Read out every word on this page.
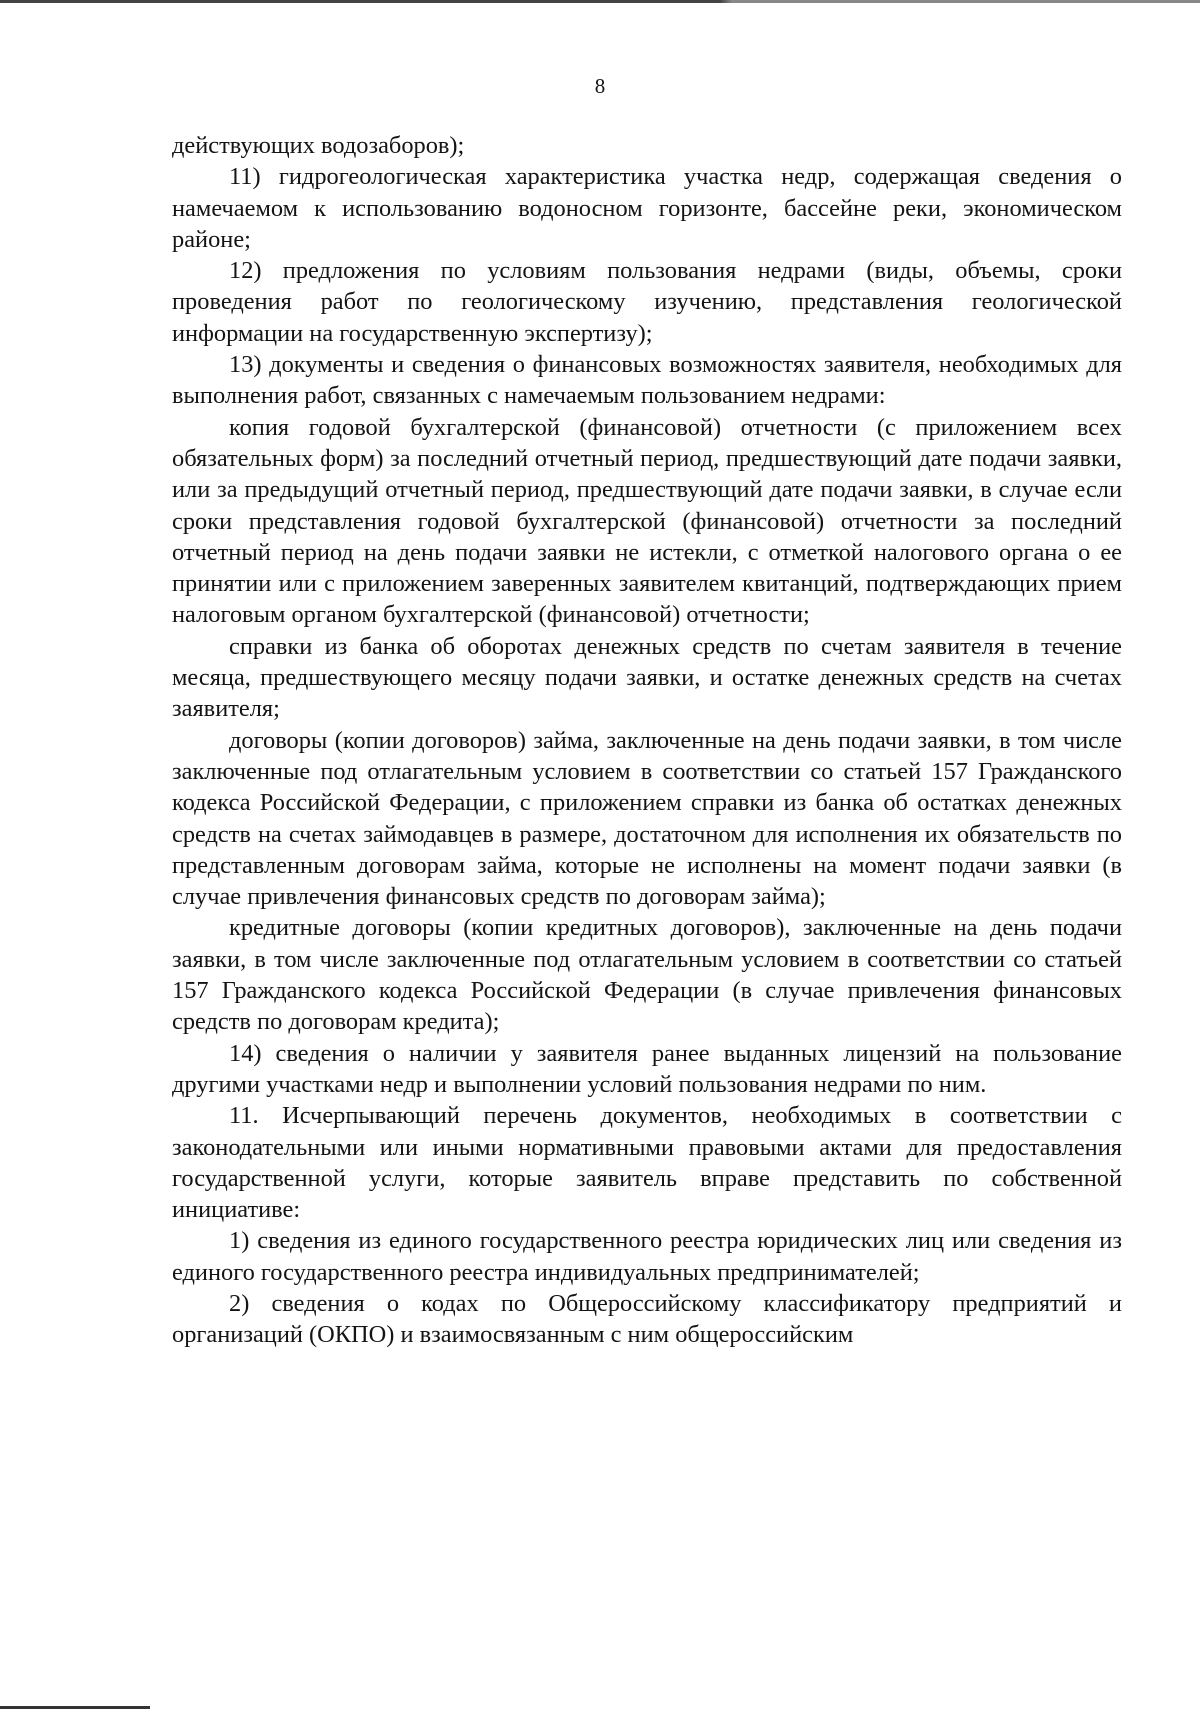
8

действующих водозаборов);

11) гидрогеологическая характеристика участка недр, содержащая сведения о намечаемом к использованию водоносном горизонте, бассейне реки, экономическом районе;

12) предложения по условиям пользования недрами (виды, объемы, сроки проведения работ по геологическому изучению, представления геологической информации на государственную экспертизу);

13) документы и сведения о финансовых возможностях заявителя, необходимых для выполнения работ, связанных с намечаемым пользованием недрами:

копия годовой бухгалтерской (финансовой) отчетности (с приложением всех обязательных форм) за последний отчетный период, предшествующий дате подачи заявки, или за предыдущий отчетный период, предшествующий дате подачи заявки, в случае если сроки представления годовой бухгалтерской (финансовой) отчетности за последний отчетный период на день подачи заявки не истекли, с отметкой налогового органа о ее принятии или с приложением заверенных заявителем квитанций, подтверждающих прием налоговым органом бухгалтерской (финансовой) отчетности;

справки из банка об оборотах денежных средств по счетам заявителя в течение месяца, предшествующего месяцу подачи заявки, и остатке денежных средств на счетах заявителя;

договоры (копии договоров) займа, заключенные на день подачи заявки, в том числе заключенные под отлагательным условием в соответствии со статьей 157 Гражданского кодекса Российской Федерации, с приложением справки из банка об остатках денежных средств на счетах займодавцев в размере, достаточном для исполнения их обязательств по представленным договорам займа, которые не исполнены на момент подачи заявки (в случае привлечения финансовых средств по договорам займа);

кредитные договоры (копии кредитных договоров), заключенные на день подачи заявки, в том числе заключенные под отлагательным условием в соответствии со статьей 157 Гражданского кодекса Российской Федерации (в случае привлечения финансовых средств по договорам кредита);

14) сведения о наличии у заявителя ранее выданных лицензий на пользование другими участками недр и выполнении условий пользования недрами по ним.

11. Исчерпывающий перечень документов, необходимых в соответствии с законодательными или иными нормативными правовыми актами для предоставления государственной услуги, которые заявитель вправе представить по собственной инициативе:

1) сведения из единого государственного реестра юридических лиц или сведения из единого государственного реестра индивидуальных предпринимателей;

2) сведения о кодах по Общероссийскому классификатору предприятий и организаций (ОКПО) и взаимосвязанным с ним общероссийским
